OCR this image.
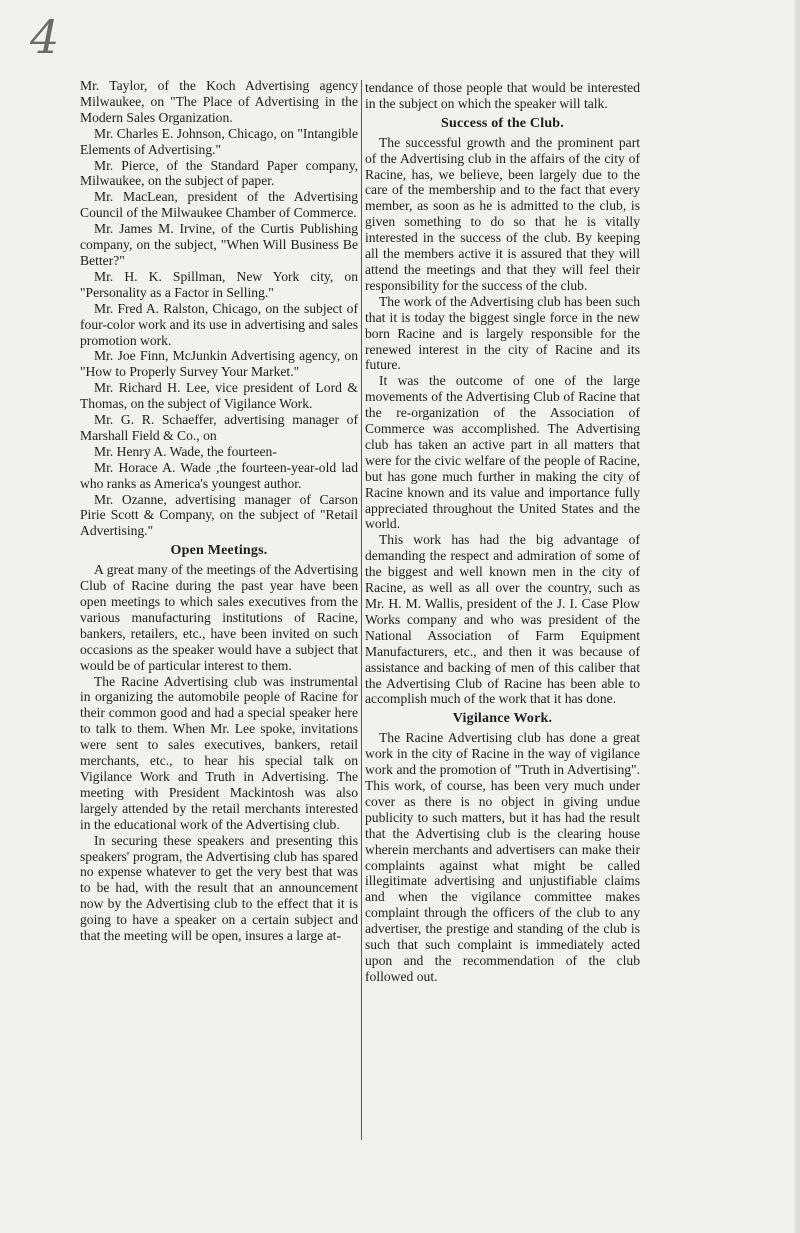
4

Mr. Taylor, of the Koch Advertising agency Milwaukee, on "The Place of Advertising in the Modern Sales Organization.

Mr. Charles E. Johnson, Chicago, on "Intangible Elements of Advertising."

Mr. Pierce, of the Standard Paper company, Milwaukee, on the subject of paper.

Mr. MacLean, president of the Advertising Council of the Milwaukee Chamber of Commerce.

Mr. James M. Irvine, of the Curtis Publishing company, on the subject, "When Will Business Be Better?"

Mr. H. K. Spillman, New York city, on "Personality as a Factor in Selling."

Mr. Fred A. Ralston, Chicago, on the subject of four-color work and its use in advertising and sales promotion work.

Mr. Joe Finn, McJunkin Advertising agency, on "How to Properly Survey Your Market."

Mr. Richard H. Lee, vice president of Lord & Thomas, on the subject of Vigilance Work.

Mr. G. R. Schaeffer, advertising manager of Marshall Field & Co., on

Mr. Henry A. Wade, the fourteen-

Mr. Horace A. Wade ,the fourteen-year-old lad who ranks as America's youngest author.

Mr. Ozanne, advertising manager of Carson Pirie Scott & Company, on the subject of "Retail Advertising."

Open Meetings.

A great many of the meetings of the Advertising Club of Racine during the past year have been open meetings to which sales executives from the various manufacturing institutions of Racine, bankers, retailers, etc., have been invited on such occasions as the speaker would have a subject that would be of particular interest to them.

The Racine Advertising club was instrumental in organizing the automobile people of Racine for their common good and had a special speaker here to talk to them. When Mr. Lee spoke, invitations were sent to sales executives, bankers, retail merchants, etc., to hear his special talk on Vigilance Work and Truth in Advertising. The meeting with President Mackintosh was also largely attended by the retail merchants interested in the educational work of the Advertising club.

In securing these speakers and presenting this speakers' program, the Advertising club has spared no expense whatever to get the very best that was to be had, with the result that an announcement now by the Advertising club to the effect that it is going to have a speaker on a certain subject and that the meeting will be open, insures a large at-

tendance of those people that would be interested in the subject on which the speaker will talk.

Success of the Club.

The successful growth and the prominent part of the Advertising club in the affairs of the city of Racine, has, we believe, been largely due to the care of the membership and to the fact that every member, as soon as he is admitted to the club, is given something to do so that he is vitally interested in the success of the club. By keeping all the members active it is assured that they will attend the meetings and that they will feel their responsibility for the success of the club.

The work of the Advertising club has been such that it is today the biggest single force in the new born Racine and is largely responsible for the renewed interest in the city of Racine and its future.

It was the outcome of one of the large movements of the Advertising Club of Racine that the re-organization of the Association of Commerce was accomplished. The Advertising club has taken an active part in all matters that were for the civic welfare of the people of Racine, but has gone much further in making the city of Racine known and its value and importance fully appreciated throughout the United States and the world.

This work has had the big advantage of demanding the respect and admiration of some of the biggest and well known men in the city of Racine, as well as all over the country, such as Mr. H. M. Wallis, president of the J. I. Case Plow Works company and who was president of the National Association of Farm Equipment Manufacturers, etc., and then it was because of assistance and backing of men of this caliber that the Advertising Club of Racine has been able to accomplish much of the work that it has done.

Vigilance Work.

The Racine Advertising club has done a great work in the city of Racine in the way of vigilance work and the promotion of "Truth in Advertising". This work, of course, has been very much under cover as there is no object in giving undue publicity to such matters, but it has had the result that the Advertising club is the clearing house wherein merchants and advertisers can make their complaints against what might be called illegitimate advertising and unjustifiable claims and when the vigilance committee makes complaint through the officers of the club to any advertiser, the prestige and standing of the club is such that such complaint is immediately acted upon and the recommendation of the club followed out.
